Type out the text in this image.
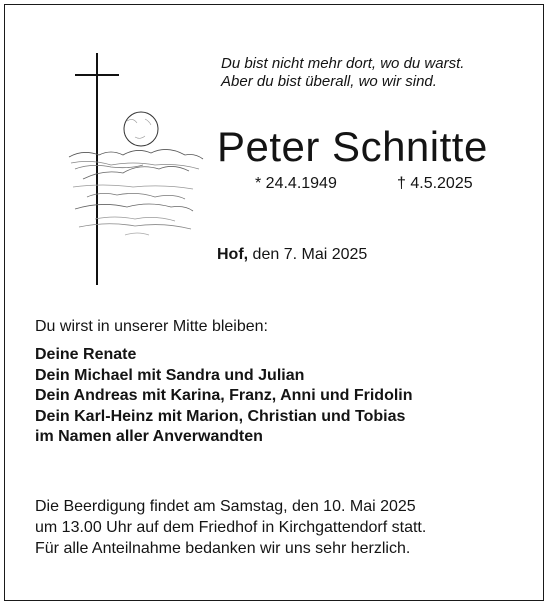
Du bist nicht mehr dort, wo du warst.
Aber du bist überall, wo wir sind.
Peter Schnitte
* 24.4.1949	† 4.5.2025
Hof, den 7. Mai 2025
Du wirst in unserer Mitte bleiben:
Deine Renate
Dein Michael mit Sandra und Julian
Dein Andreas mit Karina, Franz, Anni und Fridolin
Dein Karl-Heinz mit Marion, Christian und Tobias
im Namen aller Anverwandten
Die Beerdigung findet am Samstag, den 10. Mai 2025
um 13.00 Uhr auf dem Friedhof in Kirchgattendorf statt.
Für alle Anteilnahme bedanken wir uns sehr herzlich.
